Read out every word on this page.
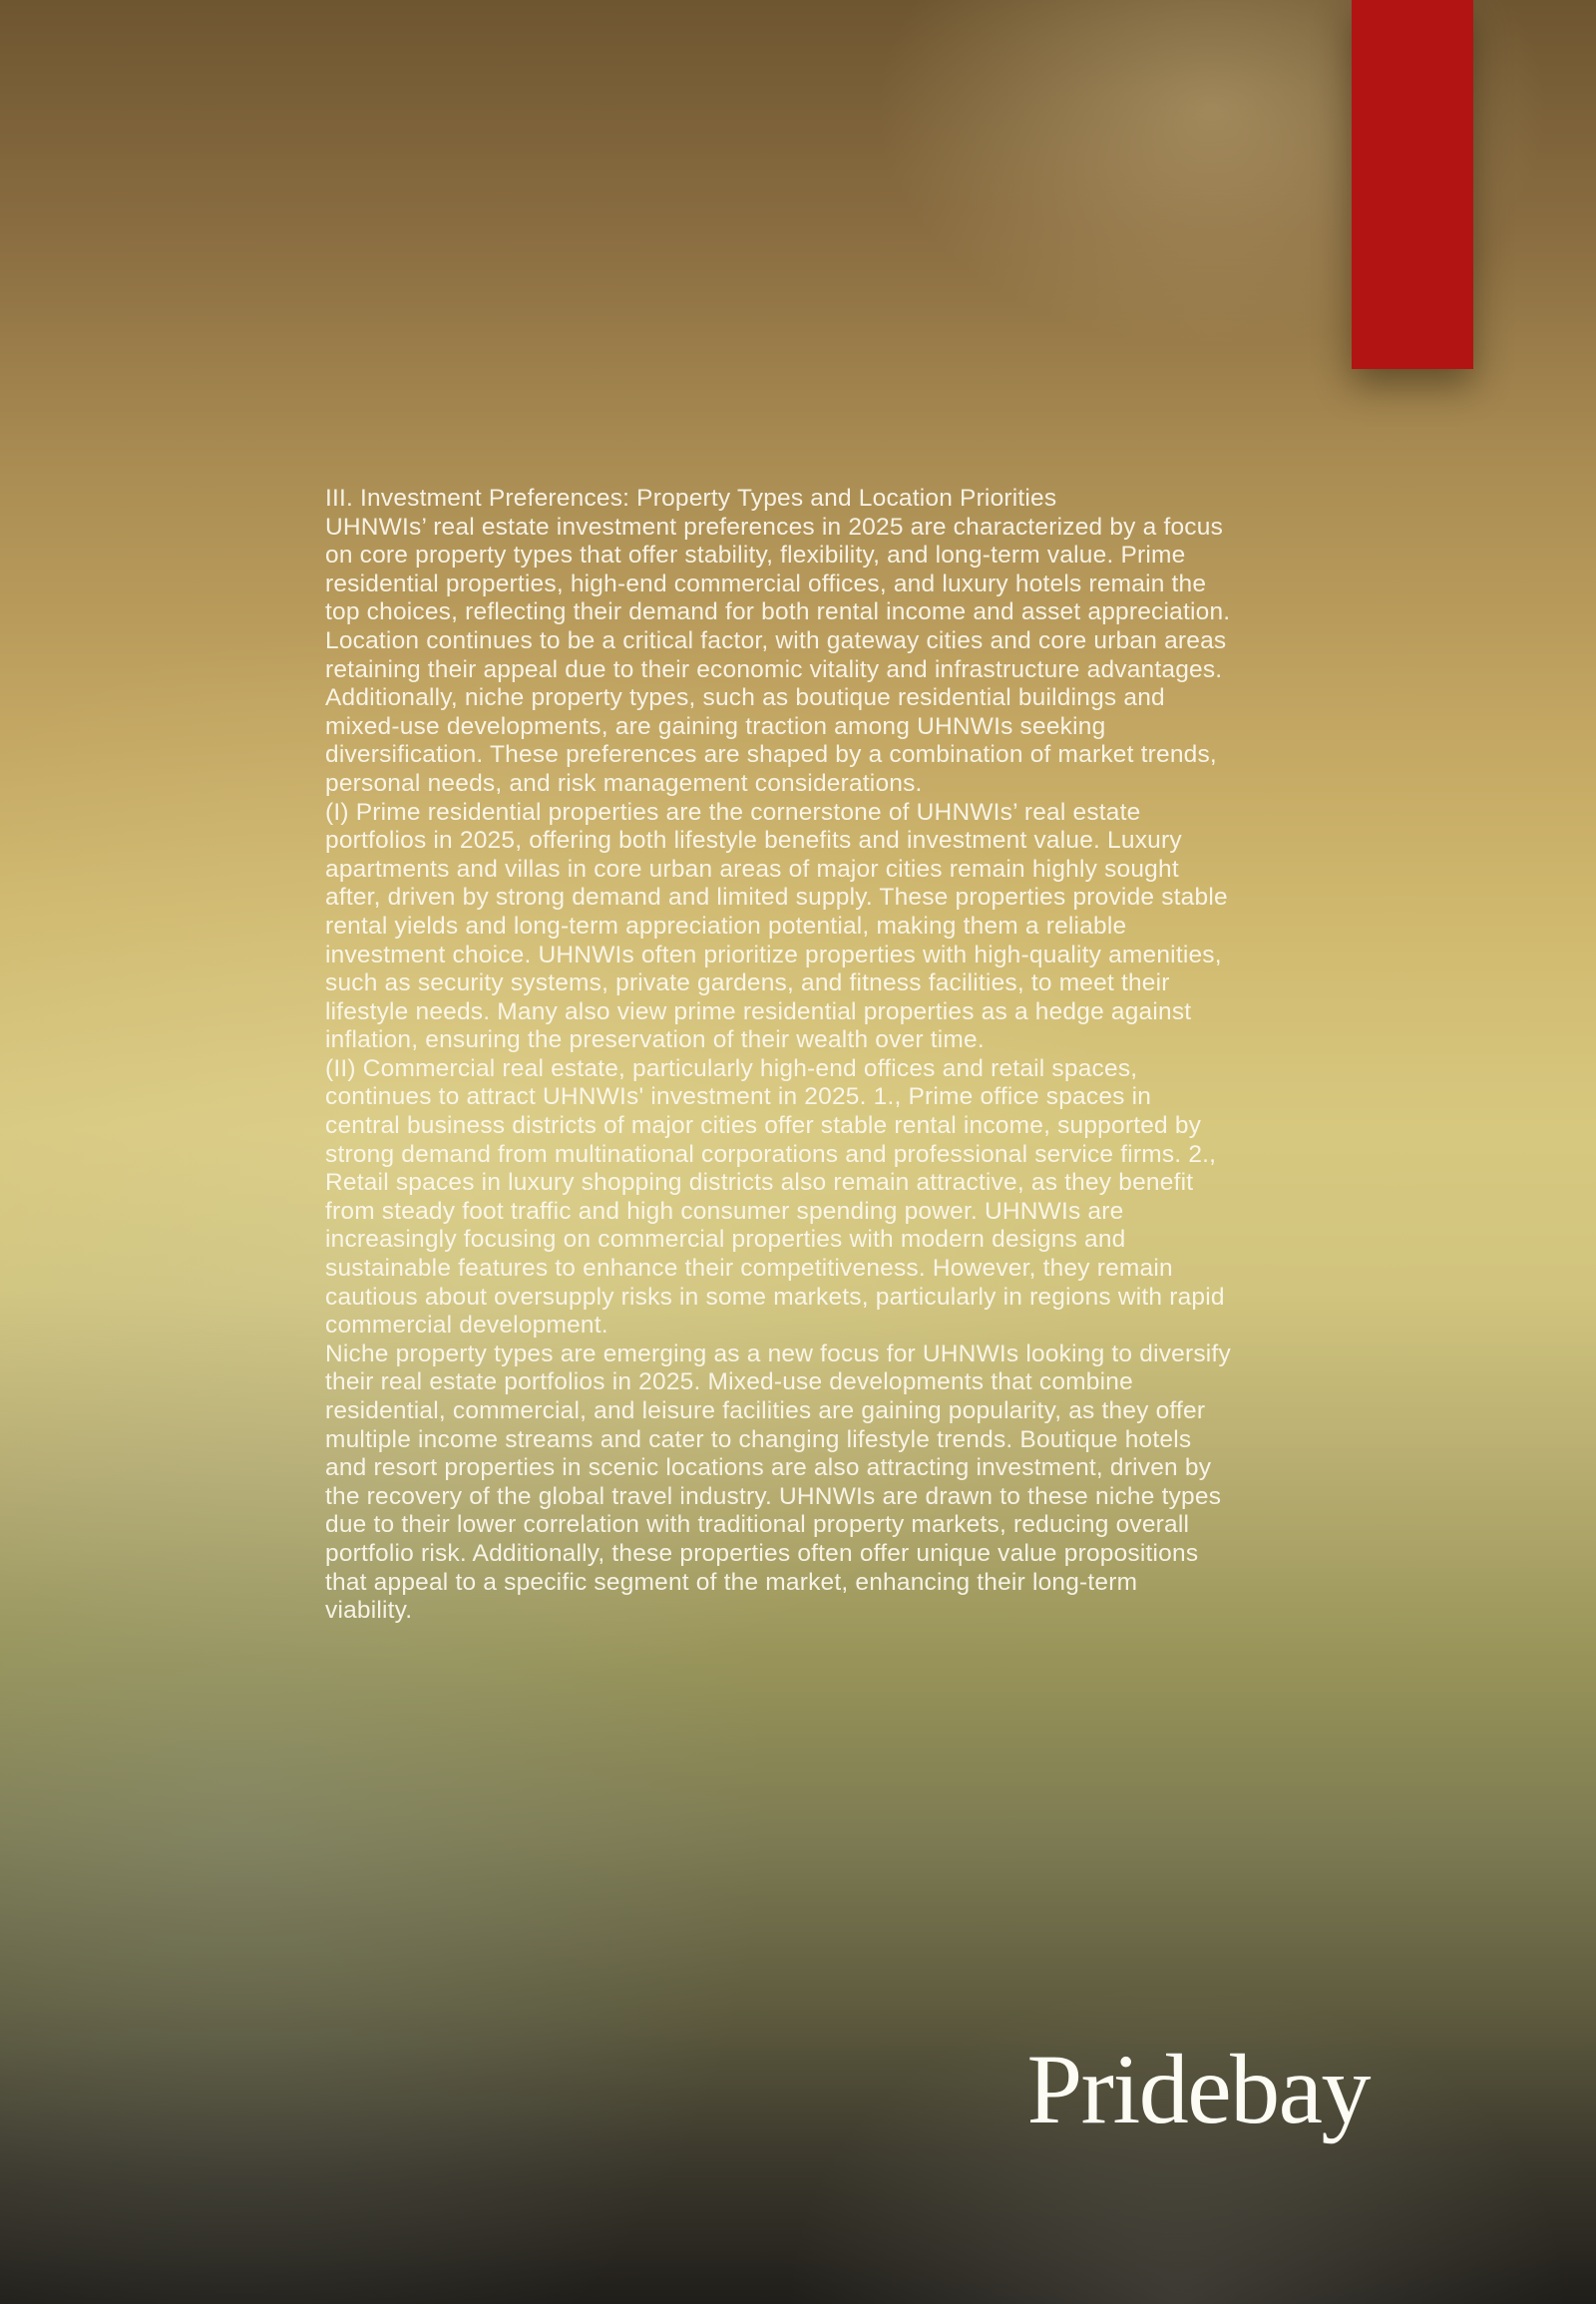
III. Investment Preferences: Property Types and Location Priorities
UHNWIs’ real estate investment preferences in 2025 are characterized by a focus on core property types that offer stability, flexibility, and long-term value. Prime residential properties, high-end commercial offices, and luxury hotels remain the top choices, reflecting their demand for both rental income and asset appreciation. Location continues to be a critical factor, with gateway cities and core urban areas retaining their appeal due to their economic vitality and infrastructure advantages. Additionally, niche property types, such as boutique residential buildings and mixed-use developments, are gaining traction among UHNWIs seeking diversification. These preferences are shaped by a combination of market trends, personal needs, and risk management considerations.
(I) Prime residential properties are the cornerstone of UHNWIs’ real estate portfolios in 2025, offering both lifestyle benefits and investment value. Luxury apartments and villas in core urban areas of major cities remain highly sought after, driven by strong demand and limited supply. These properties provide stable rental yields and long-term appreciation potential, making them a reliable investment choice. UHNWIs often prioritize properties with high-quality amenities, such as security systems, private gardens, and fitness facilities, to meet their lifestyle needs. Many also view prime residential properties as a hedge against inflation, ensuring the preservation of their wealth over time.
(II) Commercial real estate, particularly high-end offices and retail spaces, continues to attract UHNWIs' investment in 2025. 1., Prime office spaces in central business districts of major cities offer stable rental income, supported by strong demand from multinational corporations and professional service firms. 2., Retail spaces in luxury shopping districts also remain attractive, as they benefit from steady foot traffic and high consumer spending power. UHNWIs are increasingly focusing on commercial properties with modern designs and sustainable features to enhance their competitiveness. However, they remain cautious about oversupply risks in some markets, particularly in regions with rapid commercial development.
Niche property types are emerging as a new focus for UHNWIs looking to diversify their real estate portfolios in 2025. Mixed-use developments that combine residential, commercial, and leisure facilities are gaining popularity, as they offer multiple income streams and cater to changing lifestyle trends. Boutique hotels and resort properties in scenic locations are also attracting investment, driven by the recovery of the global travel industry. UHNWIs are drawn to these niche types due to their lower correlation with traditional property markets, reducing overall portfolio risk. Additionally, these properties often offer unique value propositions that appeal to a specific segment of the market, enhancing their long-term viability.
Pridebay
